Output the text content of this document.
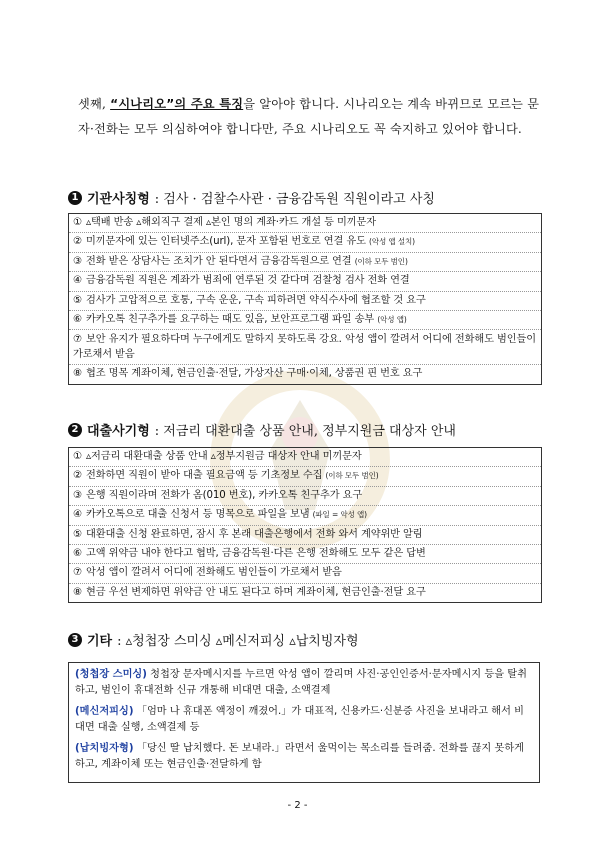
셋째, “시나리오”의 주요 특징을 알아야 합니다. 시나리오는 계속 바뀌므로 모르는 문자·전화는 모두 의심하여야 합니다만, 주요 시나리오도 꼭 숙지하고 있어야 합니다.
1 기관사칭형 : 검사 · 검찰수사관 · 금융감독원 직원이라고 사칭
① ▵택배 반송 ▵해외직구 결제 ▵본인 명의 계좌·카드 개설 등 미끼문자
② 미끼문자에 있는 인터넷주소(url), 문자 포함된 번호로 연결 유도 (악성 앱 설치)
③ 전화 받은 상담사는 조치가 안 된다면서 금융감독원으로 연결 (이하 모두 범인)
④ 금융감독원 직원은 계좌가 범죄에 연루된 것 같다며 검찰청 검사 전화 연결
⑤ 검사가 고압적으로 호통, 구속 운운, 구속 피하려면 약식수사에 협조할 것 요구
⑥ 카카오톡 친구추가를 요구하는 때도 있음, 보안프로그램 파일 송부 (악성 앱)
⑦ 보안 유지가 필요하다며 누구에게도 말하지 못하도록 강요. 악성 앱이 깔려서 어디에 전화해도 범인들이 가로채서 받음
⑧ 협조 명목 계좌이체, 현금인출·전달, 가상자산 구매·이체, 상품권 핀 번호 요구
2 대출사기형 : 저금리 대환대출 상품 안내, 정부지원금 대상자 안내
① ▵저금리 대환대출 상품 안내 ▵정부지원금 대상자 안내 미끼문자
② 전화하면 직원이 받아 대출 필요금액 등 기초정보 수집 (이하 모두 범인)
③ 은행 직원이라며 전화가 옴(010 번호), 카카오톡 친구추가 요구
④ 카카오톡으로 대출 신청서 등 명목으로 파일을 보냄 (파일 = 악성 앱)
⑤ 대환대출 신청 완료하면, 잠시 후 본래 대출은행에서 전화 와서 계약위반 알림
⑥ 고액 위약금 내야 한다고 협박, 금융감독원·다른 은행 전화해도 모두 같은 답변
⑦ 악성 앱이 깔려서 어디에 전화해도 범인들이 가로채서 받음
⑧ 현금 우선 변제하면 위약금 안 내도 된다고 하며 계좌이체, 현금인출·전달 요구
3 기타 : ▵청첩장 스미싱 ▵메신저피싱 ▵납치빙자형
(청첩장 스미싱) 청첩장 문자메시지를 누르면 악성 앱이 깔리며 사진·공인인증서·문자메시지 등을 탈취하고, 범인이 휴대전화 신규 개통해 비대면 대출, 소액결제
(메신저피싱) 「엄마 나 휴대폰 액정이 깨졌어.」가 대표적, 신용카드·신분증 사진을 보내라고 해서 비대면 대출 실행, 소액결제 등
(납치빙자형) 「당신 딸 납치했다. 돈 보내라.」라면서 울먹이는 목소리를 들려줌. 전화를 끊지 못하게 하고, 계좌이체 또는 현금인출·전달하게 함
- 2 -
